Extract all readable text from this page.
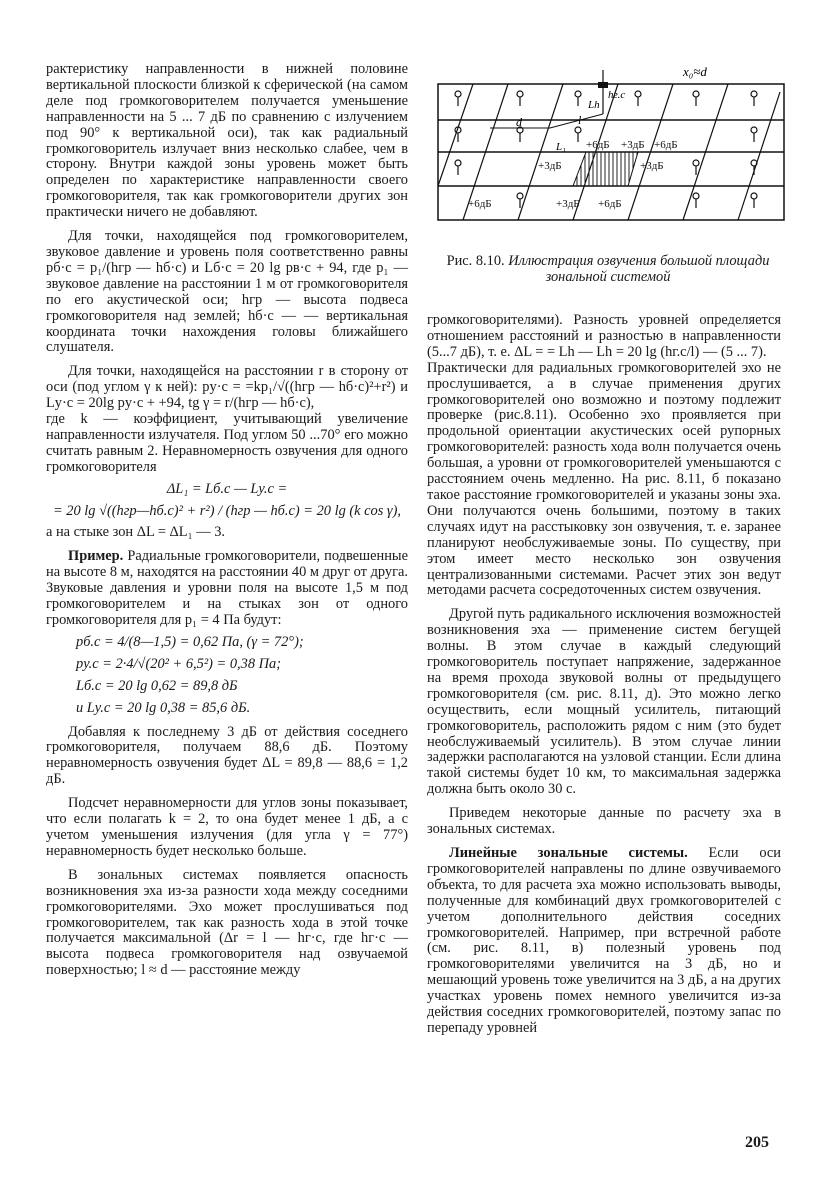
рактеристику направленности в нижней половине вертикальной плоскости близкой к сферической (на самом деле под громкоговорителем получается уменьшение направленности на 5 ... 7 дБ по сравнению с излучением под 90° к вертикальной оси), так как радиальный громкоговоритель излучает вниз несколько слабее, чем в сторону. Внутри каждой зоны уровень может быть определен по характеристике направленности своего громкоговорителя, так как громкоговорители других зон практически ничего не добавляют.

Для точки, находящейся под громкоговорителем, звуковое давление и уровень поля соответственно равны pб·с = p₁/(hгр — hб·с) и Lб·с = 20 lg pв·с + 94, где p₁ — звуковое давление на расстоянии 1 м от громкоговорителя по его акустической оси; hгр — высота подвеса громкоговорителя над землей; hб·с — — вертикальная координата точки нахождения головы ближайшего слушателя.

Для точки, находящейся на расстоянии r в сторону от оси (под углом γ к ней): pу·с = =kp₁/√((hгр — hб·с)²+r²) и Lу·с = 20lg pу·с + +94, tg γ = r/(hгр — hб·с),

где k — коэффициент, учитывающий увеличение направленности излучателя. Под углом 50 ...70° его можно считать равным 2. Неравномерность озвучения для одного громкоговорителя

ΔL₁ = Lб.с — Lу.с =
= 20 lg √((hгр—hб.с)² + r²) / (hгр — hб.с) = 20 lg (k cos γ),

а на стыке зон ΔL = ΔL₁ — 3.

Пример. Радиальные громкоговорители, подвешенные на высоте 8 м, находятся на расстоянии 40 м друг от друга. Звуковые давления и уровни поля на высоте 1,5 м под громкоговорителем и на стыках зон от одного громкоговорителя для p₁ = 4 Па будут:

pб.с = 4/(8—1,5) = 0,62 Па, (γ = 72°);
pу.с = 2·4/√(20² + 6,5²) = 0,38 Па;
Lб.с = 20 lg 0,62 = 89,8 дБ
и Lу.с = 20 lg 0,38 = 85,6 дБ.

Добавляя к последнему 3 дБ от действия соседнего громкоговорителя, получаем 88,6 дБ. Поэтому неравномерность озвучения будет ΔL = 89,8 — 88,6 = 1,2 дБ.

Подсчет неравномерности для углов зоны показывает, что если полагать k = 2, то она будет менее 1 дБ, а с учетом уменьшения излучения (для угла γ = 77°) неравномерность будет несколько больше.

В зональных системах появляется опасность возникновения эха из-за разности хода между соседними громкоговорителями. Эхо может прослушиваться под громкоговорителем, так как разность хода в этой точке получается максимальной (Δr = l — hг·с, где hг·с — высота подвеса громкоговорителя над озвучаемой поверхностью; l ≈ d — расстояние между

x₀≈d
hг.с
Lh
l
d
L₁ +6дБ +3дБ +6дБ
+3дБ	+3дБ
+6дБ	+3дБ +6дБ
Рис. 8.10. Иллюстрация озвучения большой площади зональной системой

громкоговорителями). Разность уровней определяется отношением расстояний и разностью в направленности (5...7 дБ), т. е. ΔL = = Lh — Lh = 20 lg (hг.с/l) — (5 ... 7).

Практически для радиальных громкоговорителей эхо не прослушивается, а в случае применения других громкоговорителей оно возможно и поэтому подлежит проверке (рис.8.11). Особенно эхо проявляется при продольной ориентации акустических осей рупорных громкоговорителей: разность хода волн получается очень большая, а уровни от громкоговорителей уменьшаются с расстоянием очень медленно. На рис. 8.11, б показано такое расстояние громкоговорителей и указаны зоны эха. Они получаются очень большими, поэтому в таких случаях идут на расстыковку зон озвучения, т. е. заранее планируют необслуживаемые зоны. По существу, при этом имеет место несколько зон озвучения централизованными системами. Расчет этих зон ведут методами расчета сосредоточенных систем озвучения.

Другой путь радикального исключения возможностей возникновения эха — применение систем бегущей волны. В этом случае в каждый следующий громкоговоритель поступает напряжение, задержанное на время прохода звуковой волны от предыдущего громкоговорителя (см. рис. 8.11, д). Это можно легко осуществить, если мощный усилитель, питающий громкоговоритель, расположить рядом с ним (это будет необслуживаемый усилитель). В этом случае линии задержки располагаются на узловой станции. Если длина такой системы будет 10 км, то максимальная задержка должна быть около 30 с.

Приведем некоторые данные по расчету эха в зональных системах.

Линейные зональные системы. Если оси громкоговорителей направлены по длине озвучиваемого объекта, то для расчета эха можно использовать выводы, полученные для комбинаций двух громкоговорителей с учетом дополнительного действия соседних громкоговорителей. Например, при встречной работе (см. рис. 8.11, в) полезный уровень под громкоговорителями увеличится на 3 дБ, но и мешающий уровень тоже увеличится на 3 дБ, а на других участках уровень помех немного увеличится из-за действия соседних громкоговорителей, поэтому запас по перепаду уровней

205
